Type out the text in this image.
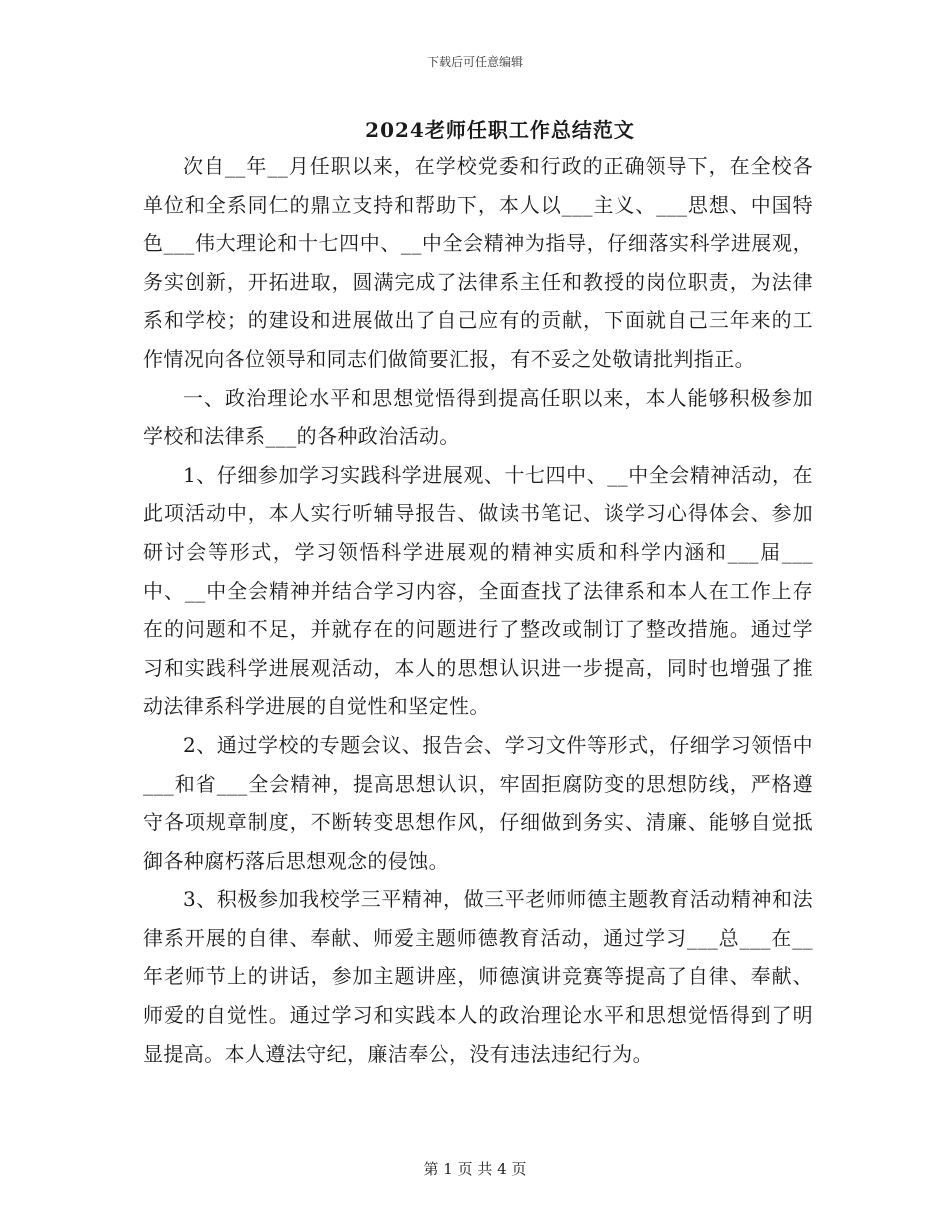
下载后可任意编辑
2024老师任职工作总结范文

次自__年__月任职以来，在学校党委和行政的正确领导下，在全校各单位和全系同仁的鼎立支持和帮助下，本人以___主义、___思想、中国特色___伟大理论和十七四中、__中全会精神为指导，仔细落实科学进展观，务实创新，开拓进取，圆满完成了法律系主任和教授的岗位职责，为法律系和学校；的建设和进展做出了自己应有的贡献，下面就自己三年来的工作情况向各位领导和同志们做简要汇报，有不妥之处敬请批判指正。

一、政治理论水平和思想觉悟得到提高任职以来，本人能够积极参加学校和法律系___的各种政治活动。

1、仔细参加学习实践科学进展观、十七四中、__中全会精神活动，在此项活动中，本人实行听辅导报告、做读书笔记、谈学习心得体会、参加研讨会等形式，学习领悟科学进展观的精神实质和科学内涵和___届___中、__中全会精神并结合学习内容，全面查找了法律系和本人在工作上存在的问题和不足，并就存在的问题进行了整改或制订了整改措施。通过学习和实践科学进展观活动，本人的思想认识进一步提高，同时也增强了推动法律系科学进展的自觉性和坚定性。

2、通过学校的专题会议、报告会、学习文件等形式，仔细学习领悟中___和省___全会精神，提高思想认识，牢固拒腐防变的思想防线，严格遵守各项规章制度，不断转变思想作风，仔细做到务实、清廉、能够自觉抵御各种腐朽落后思想观念的侵蚀。

3、积极参加我校学三平精神，做三平老师师德主题教育活动精神和法律系开展的自律、奉献、师爱主题师德教育活动，通过学习___总___在__年老师节上的讲话，参加主题讲座，师德演讲竞赛等提高了自律、奉献、师爱的自觉性。通过学习和实践本人的政治理论水平和思想觉悟得到了明显提高。本人遵法守纪，廉洁奉公，没有违法违纪行为。

第 1 页 共 4 页
